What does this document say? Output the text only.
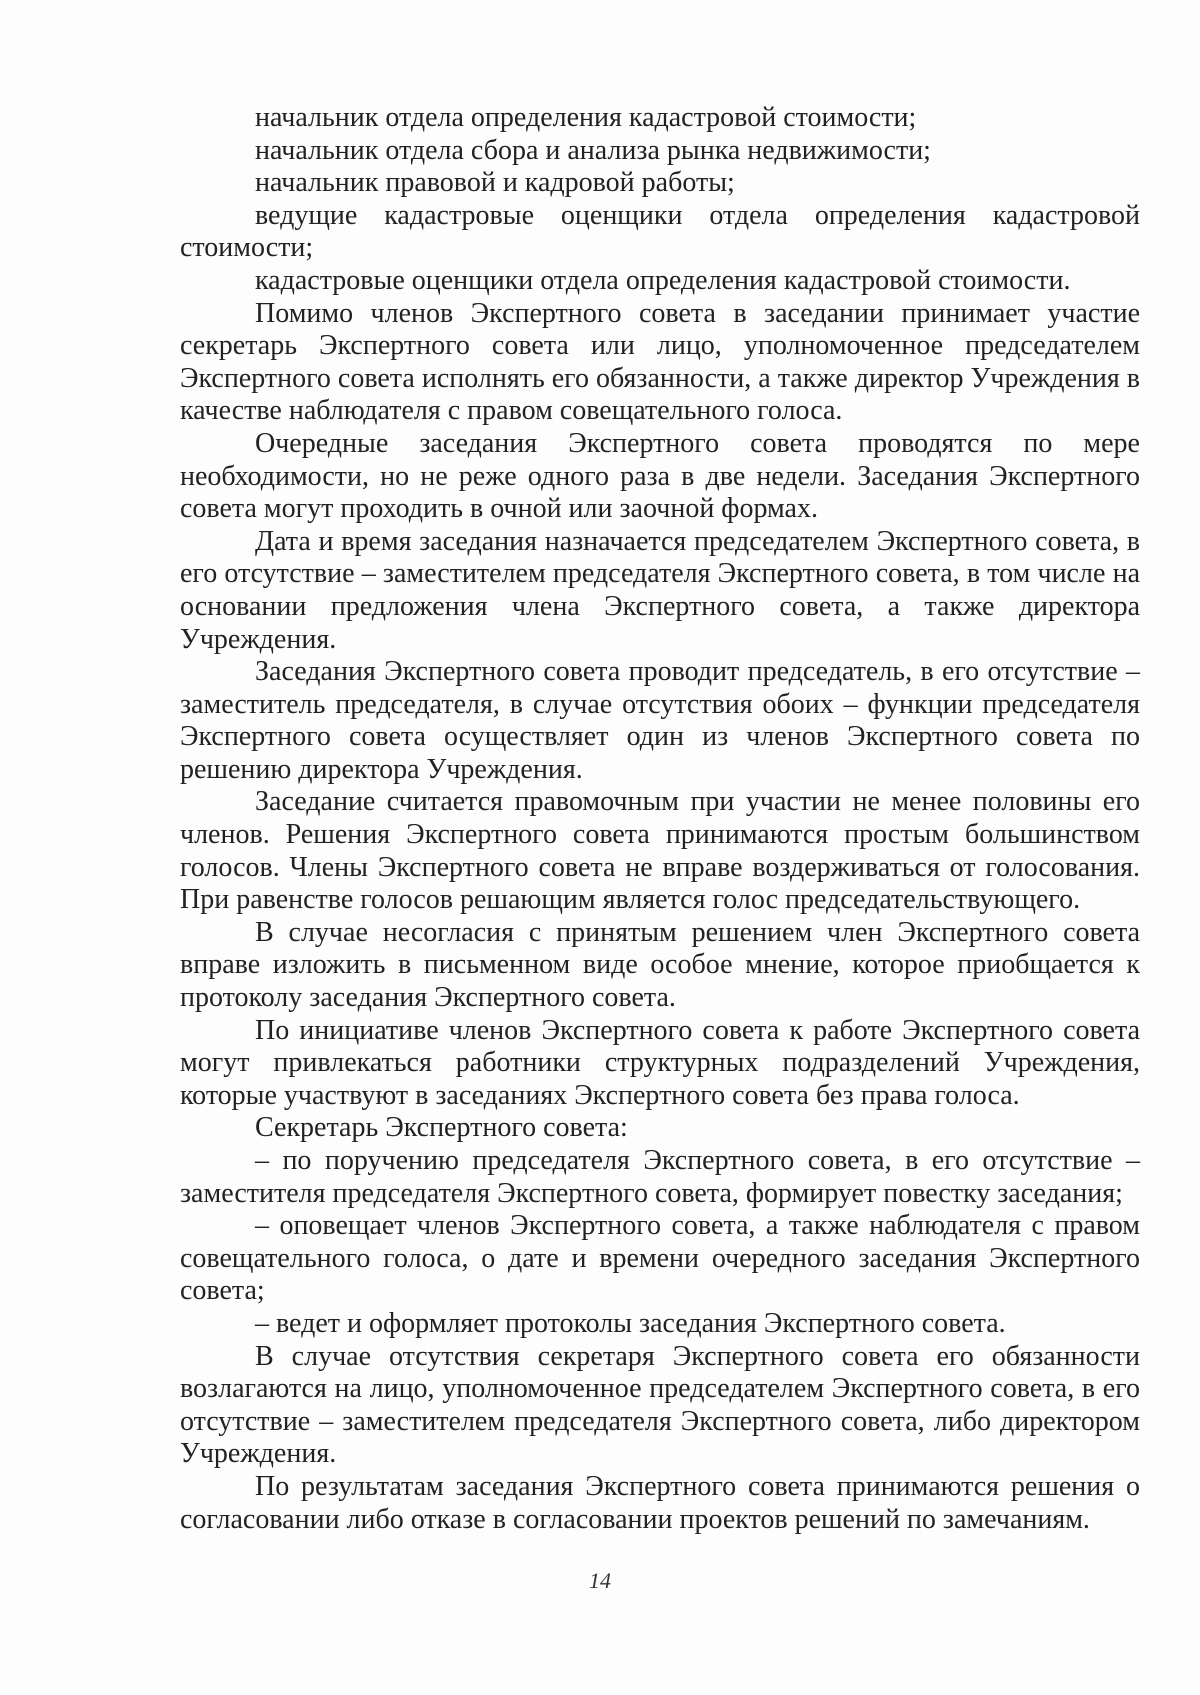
начальник отдела определения кадастровой стоимости;

начальник отдела сбора и анализа рынка недвижимости;

начальник правовой и кадровой работы;

ведущие кадастровые оценщики отдела определения кадастровой стоимости;

кадастровые оценщики отдела определения кадастровой стоимости.

Помимо членов Экспертного совета в заседании принимает участие секретарь Экспертного совета или лицо, уполномоченное председателем Экспертного совета исполнять его обязанности, а также директор Учреждения в качестве наблюдателя с правом совещательного голоса.

Очередные заседания Экспертного совета проводятся по мере необходимости, но не реже одного раза в две недели. Заседания Экспертного совета могут проходить в очной или заочной формах.

Дата и время заседания назначается председателем Экспертного совета, в его отсутствие – заместителем председателя Экспертного совета, в том числе на основании предложения члена Экспертного совета, а также директора Учреждения.

Заседания Экспертного совета проводит председатель, в его отсутствие – заместитель председателя, в случае отсутствия обоих – функции председателя Экспертного совета осуществляет один из членов Экспертного совета по решению директора Учреждения.

Заседание считается правомочным при участии не менее половины его членов. Решения Экспертного совета принимаются простым большинством голосов. Члены Экспертного совета не вправе воздерживаться от голосования. При равенстве голосов решающим является голос председательствующего.

В случае несогласия с принятым решением член Экспертного совета вправе изложить в письменном виде особое мнение, которое приобщается к протоколу заседания Экспертного совета.

По инициативе членов Экспертного совета к работе Экспертного совета могут привлекаться работники структурных подразделений Учреждения, которые участвуют в заседаниях Экспертного совета без права голоса.

Секретарь Экспертного совета:

– по поручению председателя Экспертного совета, в его отсутствие – заместителя председателя Экспертного совета, формирует повестку заседания;

– оповещает членов Экспертного совета, а также наблюдателя с правом совещательного голоса, о дате и времени очередного заседания Экспертного совета;

– ведет и оформляет протоколы заседания Экспертного совета.

В случае отсутствия секретаря Экспертного совета его обязанности возлагаются на лицо, уполномоченное председателем Экспертного совета, в его отсутствие – заместителем председателя Экспертного совета, либо директором Учреждения.

По результатам заседания Экспертного совета принимаются решения о согласовании либо отказе в согласовании проектов решений по замечаниям.

14
